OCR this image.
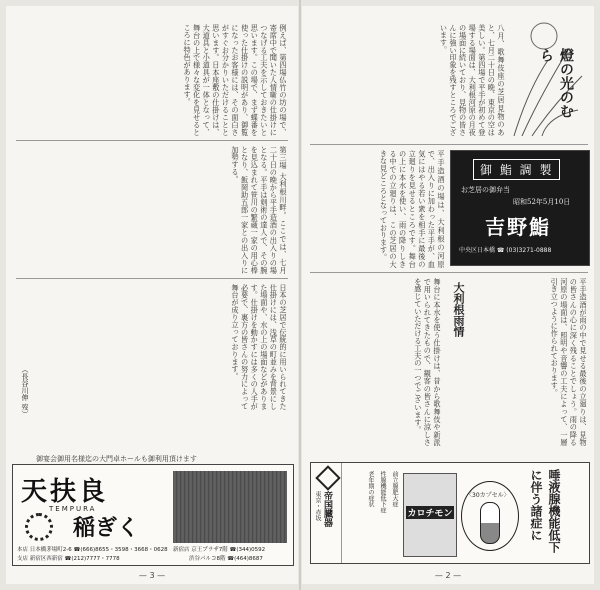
例えば、第四場仏竹の坊の場で、寄席中で聞いた人情噺の仕掛けにつなげる工夫を示しておきたいと思います。この場で、まず蝶番を使った仕掛けの説明があり、御覧になったお客様には、その面白さがすぐお分かりいただけることと思います。日本座敷の仕掛けは、大道具と小道具が一体となって、舞台の上で様々な変化を見せるところに特色があります。
第三場 大利根川畔。ここでは、七月二十日の晩から平手造酒の出入りの場となる。平手は剣術の達人で、その腕を見込まれて笹川の繁蔵一家の用心棒となり、飯岡助五郎一家との出入りに加勢する。
日本の芝居で伝統的に用いられてきた仕掛けには、浅草の町並みを背景にした場面や、水の上の場面などがあります。仕掛けを動かすには多くの人手が必要で、裏方の皆さんの努力によって舞台が成り立っております。
（長谷川伸 歿）
御宴会御用名様迄の大門卓ホールも御利用頂けます
天扶良
TEMPURA
稲ぎく
本店 日本橋茅場町2-6 ☎(666)8655・3598・3668・0628
支店 新宿区西新宿 ☎(212)7777・7778
新宿店 京王プラザ7階 ☎(344)0592
渋谷パルコ8階 ☎(464)8687
— 3 —
八月、歌舞伎座の芝居見物のあと、七月二十日の晩、東京の空は美しい。第四場で平手が初めて登場する場面は、大利根河原の月夜の場面に続いており、見物の皆さんに強い印象を残すところでございます。
燈の光のむら
平手造酒の場は、大利根の河原で、出入りに加わった平手が、血気にはやる若い衆を相手に最後の立廻りを見せるところです。舞台の上に本水を使い、雨の降りしきる中での立廻りは、この芝居の大きな見どころとなっております。	御 鮨 調 製
お芝居の御弁当
昭和52年5月10日
吉野鮨
中央区日本橋 ☎ (03)3271-0888
舞台に本水を使う仕掛けは、昔から歌舞伎や新派で用いられてきたもので、観客の皆さんに涼しさを感じていただける工夫の一つでございます。	大利根雨情	平手造酒が雨の中で見せる最後の立廻りは、見物の皆さんの心に深く残ることでしょう。雨の降る河原の場面は、照明や音響の工夫によって、一層引き立つように作られております。
帝国臓器
東京・赤坂	前立腺肥大症
性腺機能低下症
老年期の症状
カロチモン
〈30カプセル〉	唾液腺機能低下に伴う諸症に
— 2 —
